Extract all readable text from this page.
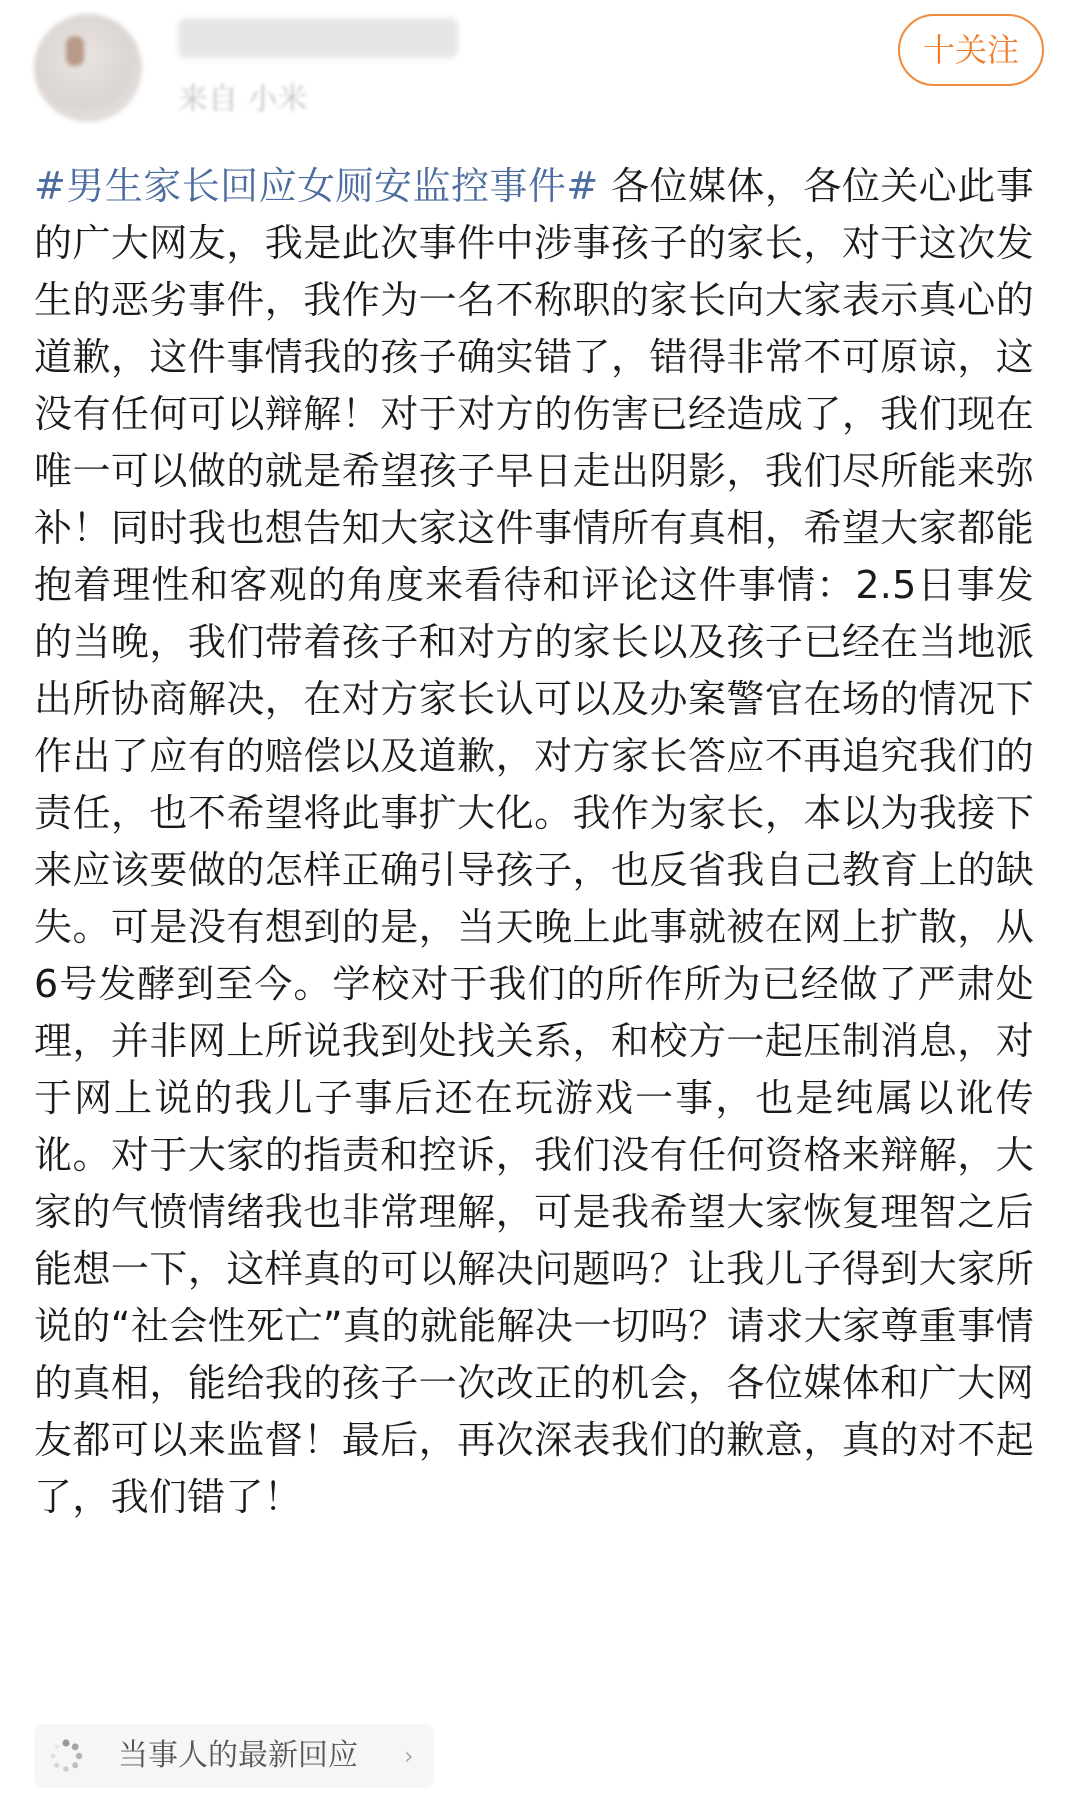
来自 小米
十关注

#男生家长回应女厕安监控事件# 各位媒体，各位关心此事的广大网友，我是此次事件中涉事孩子的家长，对于这次发生的恶劣事件，我作为一名不称职的家长向大家表示真心的道歉，这件事情我的孩子确实错了，错得非常不可原谅，这没有任何可以辩解！对于对方的伤害已经造成了，我们现在唯一可以做的就是希望孩子早日走出阴影，我们尽所能来弥补！同时我也想告知大家这件事情所有真相，希望大家都能抱着理性和客观的角度来看待和评论这件事情：2.5日事发的当晚，我们带着孩子和对方的家长以及孩子已经在当地派出所协商解决，在对方家长认可以及办案警官在场的情况下作出了应有的赔偿以及道歉，对方家长答应不再追究我们的责任，也不希望将此事扩大化。我作为家长，本以为我接下来应该要做的怎样正确引导孩子，也反省我自己教育上的缺失。可是没有想到的是，当天晚上此事就被在网上扩散，从6号发酵到至今。学校对于我们的所作所为已经做了严肃处理，并非网上所说我到处找关系，和校方一起压制消息，对于网上说的我儿子事后还在玩游戏一事，也是纯属以讹传讹。对于大家的指责和控诉，我们没有任何资格来辩解，大家的气愤情绪我也非常理解，可是我希望大家恢复理智之后能想一下，这样真的可以解决问题吗？让我儿子得到大家所说的“社会性死亡”真的就能解决一切吗？请求大家尊重事情的真相，能给我的孩子一次改正的机会，各位媒体和广大网友都可以来监督！最后，再次深表我们的歉意，真的对不起了，我们错了！

当事人的最新回应 ›
